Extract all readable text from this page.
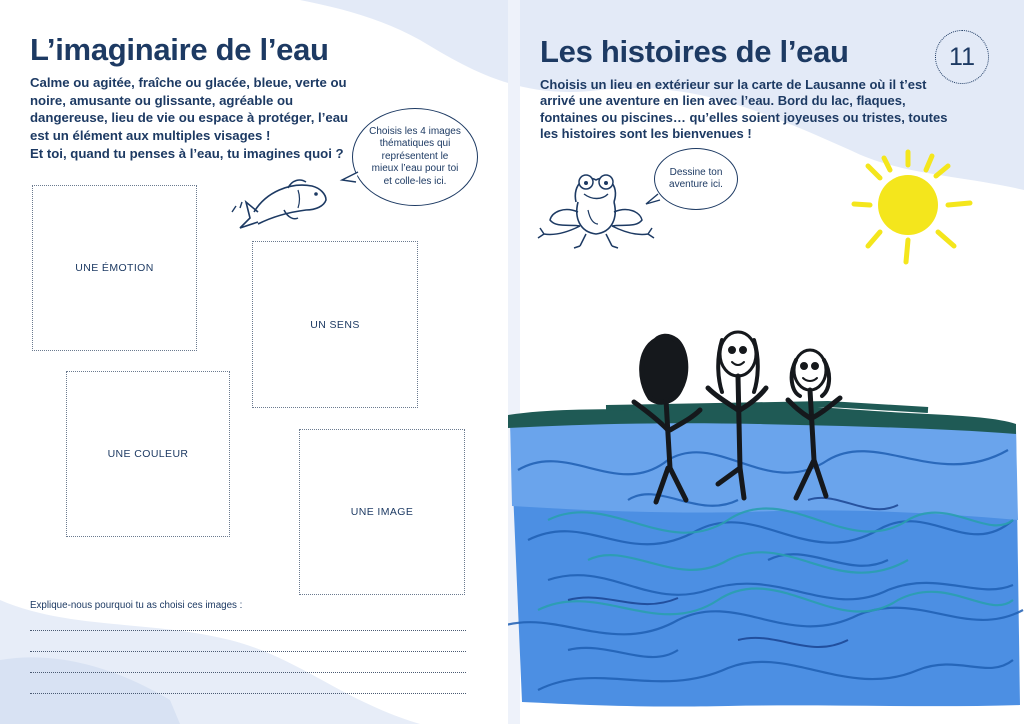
L’imaginaire de l’eau
Calme ou agitée, fraîche ou glacée, bleue, verte ou noire, amusante ou glissante, agréable ou dangereuse, lieu de vie ou espace à protéger, l’eau est un élément aux multiples visages !
Et toi, quand tu penses à l’eau, tu imagines quoi ?
Choisis les 4 images thématiques qui représentent le mieux l’eau pour toi et colle-les ici.
UNE ÉMOTION
UN SENS
UNE COULEUR
UNE IMAGE
Explique-nous pourquoi tu as choisi ces images :
Les histoires de l’eau	11
Choisis un lieu en extérieur sur la carte de Lausanne où il t’est arrivé une aventure en lien avec l’eau. Bord du lac, flaques, fontaines ou piscines… qu’elles soient joyeuses ou tristes, toutes les histoires sont les bienvenues !
Dessine ton aventure ici.
